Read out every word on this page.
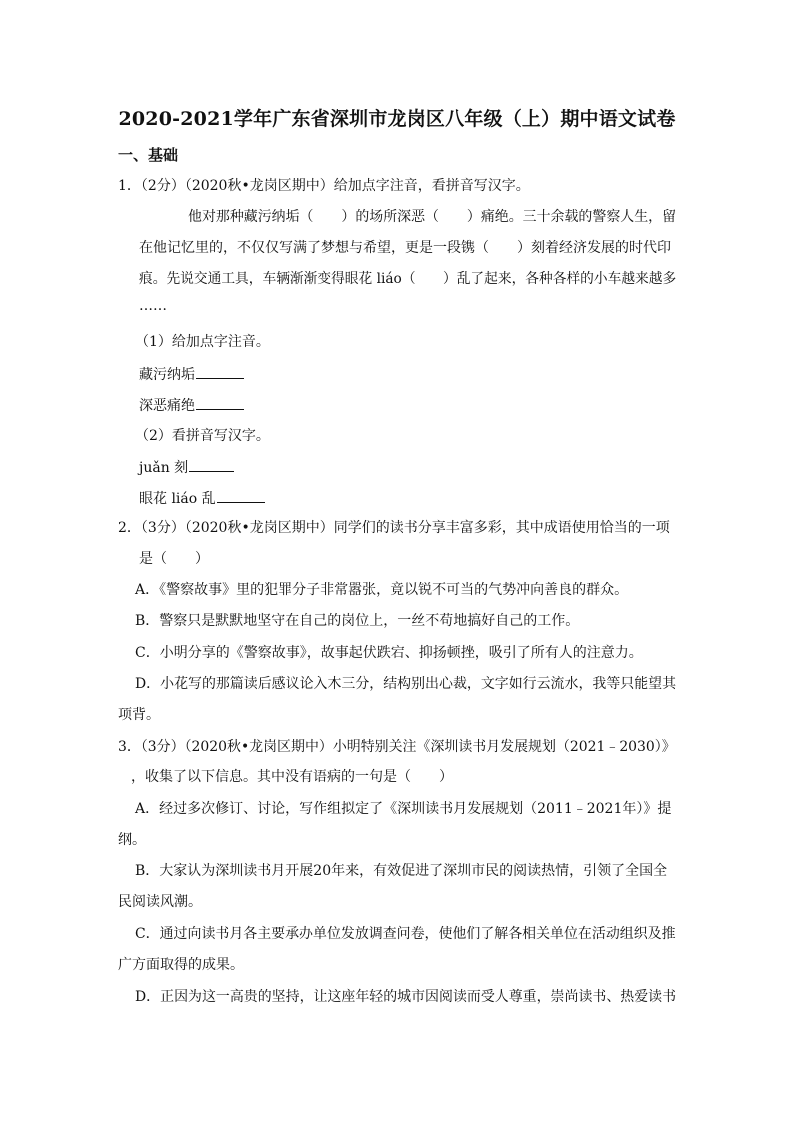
2020-2021学年广东省深圳市龙岗区八年级（上）期中语文试卷
一、基础
1．（2分）（2020秋•龙岗区期中）给加点字注音，看拼音写汉字。
他对那种藏污纳垢（　　）的场所深恶（　　）痛绝。三十余载的警察人生，留
在他记忆里的，不仅仅写满了梦想与希望，更是一段镌（　　）刻着经济发展的时代印
痕。先说交通工具，车辆渐渐变得眼花 liáo（　　）乱了起来，各种各样的小车越来越多
……
（1）给加点字注音。
藏污纳垢
深恶痛绝
（2）看拼音写汉字。
juǎn 刻
眼花 liáo 乱
2．（3分）（2020秋•龙岗区期中）同学们的读书分享丰富多彩，其中成语使用恰当的一项
是（　　）
A．《警察故事》里的犯罪分子非常嚣张，竟以锐不可当的气势冲向善良的群众。
B．警察只是默默地坚守在自己的岗位上，一丝不苟地搞好自己的工作。
C．小明分享的《警察故事》，故事起伏跌宕、抑扬顿挫，吸引了所有人的注意力。
D．小花写的那篇读后感议论入木三分，结构别出心裁，文字如行云流水，我等只能望其
项背。
3．（3分）（2020秋•龙岗区期中）小明特别关注《深圳读书月发展规划（2021﹣2030）》
，收集了以下信息。其中没有语病的一句是（　　）
A．经过多次修订、讨论，写作组拟定了《深圳读书月发展规划（2011﹣2021年）》提
纲。
B．大家认为深圳读书月开展20年来，有效促进了深圳市民的阅读热情，引领了全国全
民阅读风潮。
C．通过向读书月各主要承办单位发放调查问卷，使他们了解各相关单位在活动组织及推
广方面取得的成果。
D．正因为这一高贵的坚持，让这座年轻的城市因阅读而受人尊重，崇尚读书、热爱读书
